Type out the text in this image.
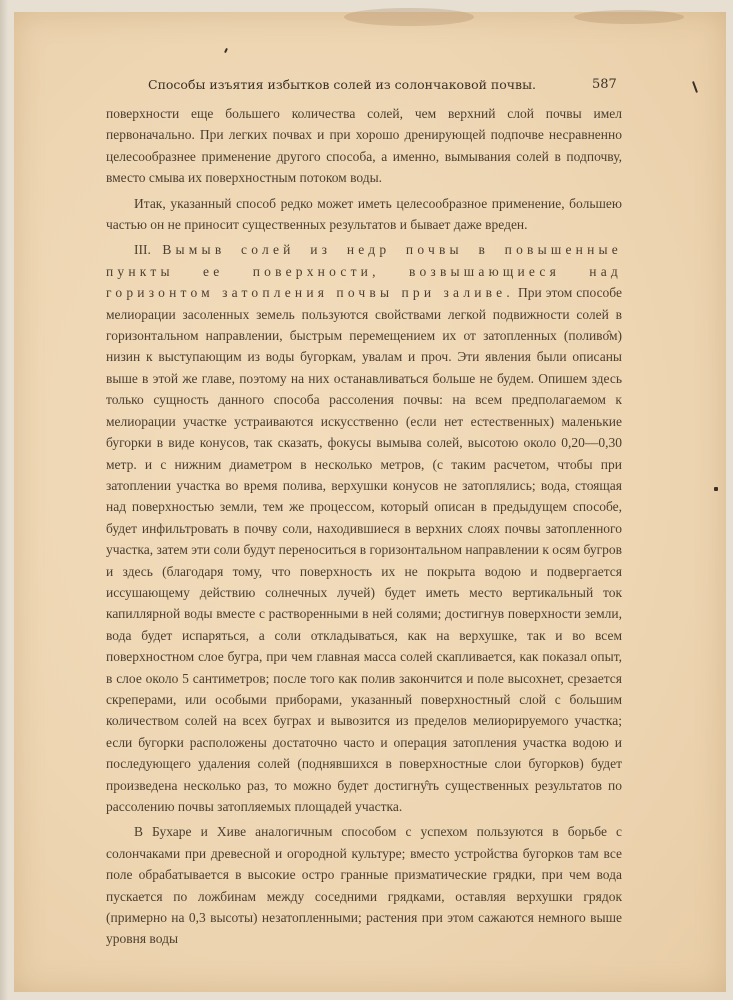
Способы изъятия избытков солей из солончаковой почвы.	587

поверхности еще большего количества солей, чем верхний слой почвы имел первоначально. При легких почвах и при хорошо дренирующей подпочве несравненно целесообразнее применение другого способа, а именно, вымывания солей в подпочву, вместо смыва их поверхностным потоком воды.

Итак, указанный способ редко может иметь целесообразное применение, большею частью он не приносит существенных результатов и бывает даже вреден.

III. Вымыв солей из недр почвы в повышенные пункты ее поверхности, возвышающиеся над горизонтом затопления почвы при заливе. При этом способе мелиорации засоленных земель пользуются свойствами легкой подвижности солей в горизонтальном направлении, быстрым перемещением их от затопленных (поливо̂м) низин к выступающим из воды бугоркам, увалам и проч. Эти явления были описаны выше в этой же главе, поэтому на них останавливаться больше не будем. Опишем здесь только сущность данного способа рассоления почвы: на всем предполагаемом к мелиорации участке устраиваются искусственно (если нет естественных) маленькие бугорки в виде конусов, так сказать, фокусы вымыва солей, высотою около 0,20—0,30 метр. и с нижним диаметром в несколько метров, (с таким расчетом, чтобы при затоплении участка во время полива, верхушки конусов не затоплялись; вода, стоящая над поверхностью земли, тем же процессом, который описан в предыдущем способе, будет инфильтровать в почву соли, находившиеся в верхних слоях почвы затопленного участка, затем эти соли будут переноситься в горизонтальном направлении к осям бугров и здесь (благодаря тому, что поверхность их не покрыта водою и подвергается иссушающему действию солнечных лучей) будет иметь место вертикальный ток капиллярной воды вместе с растворенными в ней солями; достигнув поверхности земли, вода будет испаряться, а соли откладываться, как на верхушке, так и во всем поверхностном слое бугра, при чем главная масса солей скапливается, как показал опыт, в слое около 5 сантиметров; после того как полив закончится и поле высохнет, срезается скреперами, или особыми приборами, указанный поверхностный слой с большим количеством солей на всех буграх и вывозится из пределов мелиорируемого участка; если бугорки расположены достаточно часто и операция затопления участка водою и последующего удаления солей (поднявшихся в поверхностные слои бугорков) будет произведена несколько раз, то можно будет достигну̂ть существенных результатов по рассолению почвы затопляемых площадей участка.

В Бухаре и Хиве аналогичным способом с успехом пользуются в борьбе с солончаками при древесной и огородной культуре; вместо устройства бугорков там все поле обрабатывается в высокие остро гранные призматические грядки, при чем вода пускается по ложбинам между соседними грядками, оставляя верхушки грядок (примерно на 0,3 высоты) незатопленными; растения при этом сажаются немного выше уровня воды
